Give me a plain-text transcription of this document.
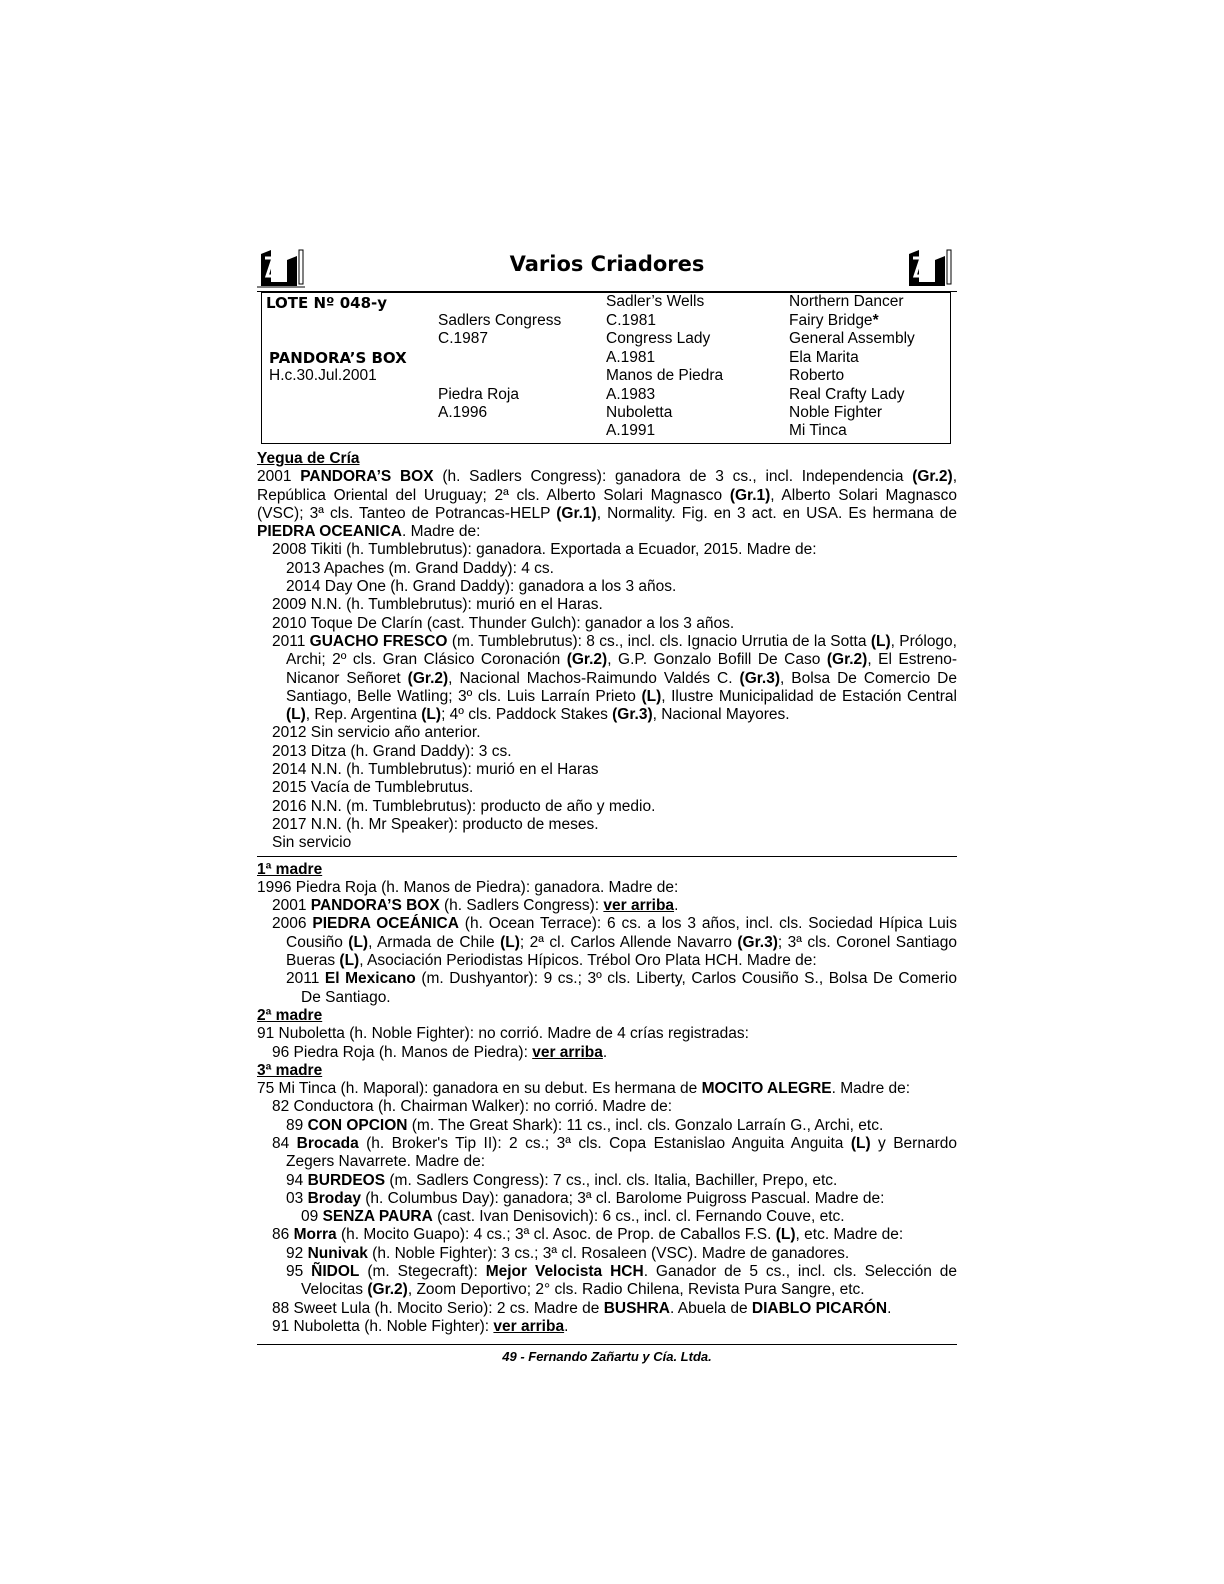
Varios Criadores
LOTE Nº 048-y
PANDORA’S BOX
H.c.30.Jul.2001
Sadlers Congress
C.1987
Piedra Roja
A.1996
Sadler’s Wells
C.1981
Congress Lady
A.1981
Manos de Piedra
A.1983
Nuboletta
A.1991
Northern Dancer
Fairy Bridge*
General Assembly
Ela Marita
Roberto
Real Crafty Lady
Noble Fighter
Mi Tinca

Yegua de Cría

2001 PANDORA’S BOX (h. Sadlers Congress): ganadora de 3 cs., incl. Independencia (Gr.2), República Oriental del Uruguay; 2ª cls. Alberto Solari Magnasco (Gr.1), Alberto Solari Magnasco (VSC); 3ª cls. Tanteo de Potrancas-HELP (Gr.1), Normality. Fig. en 3 act. en USA. Es hermana de PIEDRA OCEANICA. Madre de:

2008 Tikiti (h. Tumblebrutus): ganadora. Exportada a Ecuador, 2015. Madre de:

2013 Apaches (m. Grand Daddy): 4 cs.

2014 Day One (h. Grand Daddy): ganadora a los 3 años.

2009 N.N. (h. Tumblebrutus): murió en el Haras.

2010 Toque De Clarín (cast. Thunder Gulch): ganador a los 3 años.

2011 GUACHO FRESCO (m. Tumblebrutus): 8 cs., incl. cls. Ignacio Urrutia de la Sotta (L), Prólogo, Archi; 2º cls. Gran Clásico Coronación (Gr.2), G.P. Gonzalo Bofill De Caso (Gr.2), El Estreno-Nicanor Señoret (Gr.2), Nacional Machos-Raimundo Valdés C. (Gr.3), Bolsa De Comercio De Santiago, Belle Watling; 3º cls. Luis Larraín Prieto (L), Ilustre Municipalidad de Estación Central (L), Rep. Argentina (L); 4º cls. Paddock Stakes (Gr.3), Nacional Mayores.

2012 Sin servicio año anterior.

2013 Ditza (h. Grand Daddy): 3 cs.

2014 N.N. (h. Tumblebrutus): murió en el Haras

2015 Vacía de Tumblebrutus.

2016 N.N. (m. Tumblebrutus): producto de año y medio.

2017 N.N. (h. Mr Speaker): producto de meses.

Sin servicio

1ª madre

1996 Piedra Roja (h. Manos de Piedra): ganadora. Madre de:

2001 PANDORA’S BOX (h. Sadlers Congress): ver arriba.

2006 PIEDRA OCEÁNICA (h. Ocean Terrace): 6 cs. a los 3 años, incl. cls. Sociedad Hípica Luis Cousiño (L), Armada de Chile (L); 2ª cl. Carlos Allende Navarro (Gr.3); 3ª cls. Coronel Santiago Bueras (L), Asociación Periodistas Hípicos. Trébol Oro Plata HCH. Madre de:

2011 El Mexicano (m. Dushyantor): 9 cs.; 3º cls. Liberty, Carlos Cousiño S., Bolsa De Comerio De Santiago.

2ª madre

91 Nuboletta (h. Noble Fighter): no corrió. Madre de 4 crías registradas:

96 Piedra Roja (h. Manos de Piedra): ver arriba.

3ª madre

75 Mi Tinca (h. Maporal): ganadora en su debut. Es hermana de MOCITO ALEGRE. Madre de:

82 Conductora (h. Chairman Walker): no corrió. Madre de:

89 CON OPCION (m. The Great Shark): 11 cs., incl. cls. Gonzalo Larraín G., Archi, etc.

84 Brocada (h. Broker's Tip II): 2 cs.; 3ª cls. Copa Estanislao Anguita Anguita (L) y Bernardo Zegers Navarrete. Madre de:

94 BURDEOS (m. Sadlers Congress): 7 cs., incl. cls. Italia, Bachiller, Prepo, etc.

03 Broday (h. Columbus Day): ganadora; 3ª cl. Barolome Puigross Pascual. Madre de:

09 SENZA PAURA (cast. Ivan Denisovich): 6 cs., incl. cl. Fernando Couve, etc.

86 Morra (h. Mocito Guapo): 4 cs.; 3ª cl. Asoc. de Prop. de Caballos F.S. (L), etc. Madre de:

92 Nunivak (h. Noble Fighter): 3 cs.; 3ª cl. Rosaleen (VSC). Madre de ganadores.

95 ÑIDOL (m. Stegecraft): Mejor Velocista HCH. Ganador de 5 cs., incl. cls. Selección de Velocitas (Gr.2), Zoom Deportivo; 2° cls. Radio Chilena, Revista Pura Sangre, etc.

88 Sweet Lula (h. Mocito Serio): 2 cs. Madre de BUSHRA. Abuela de DIABLO PICARÓN.

91 Nuboletta (h. Noble Fighter): ver arriba.

49 - Fernando Zañartu y Cía. Ltda.
